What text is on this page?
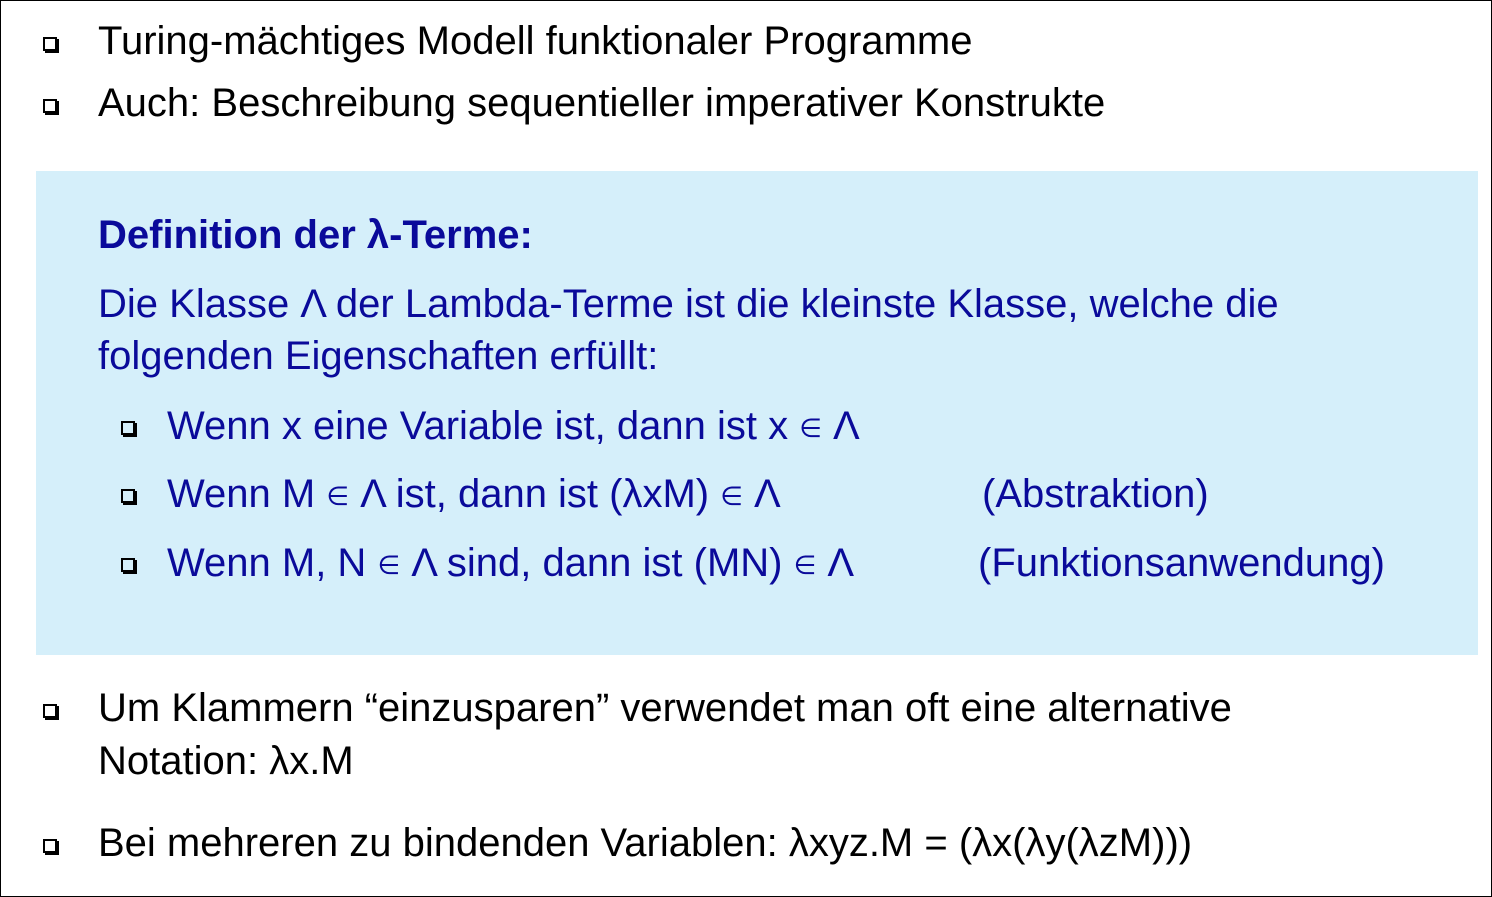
Turing-mächtiges Modell funktionaler Programme
Auch: Beschreibung sequentieller imperativer Konstrukte
Definition der λ-Terme:
Die Klasse Λ der Lambda-Terme ist die kleinste Klasse, welche die
folgenden Eigenschaften erfüllt:
Wenn x eine Variable ist, dann ist x ∈ Λ
Wenn M ∈ Λ ist, dann ist (λxM) ∈ Λ	(Abstraktion)
Wenn M, N ∈ Λ sind, dann ist (MN) ∈ Λ	(Funktionsanwendung)
Um Klammern “einzusparen” verwendet man oft eine alternative
Notation: λx.M
Bei mehreren zu bindenden Variablen: λxyz.M = (λx(λy(λzM)))
